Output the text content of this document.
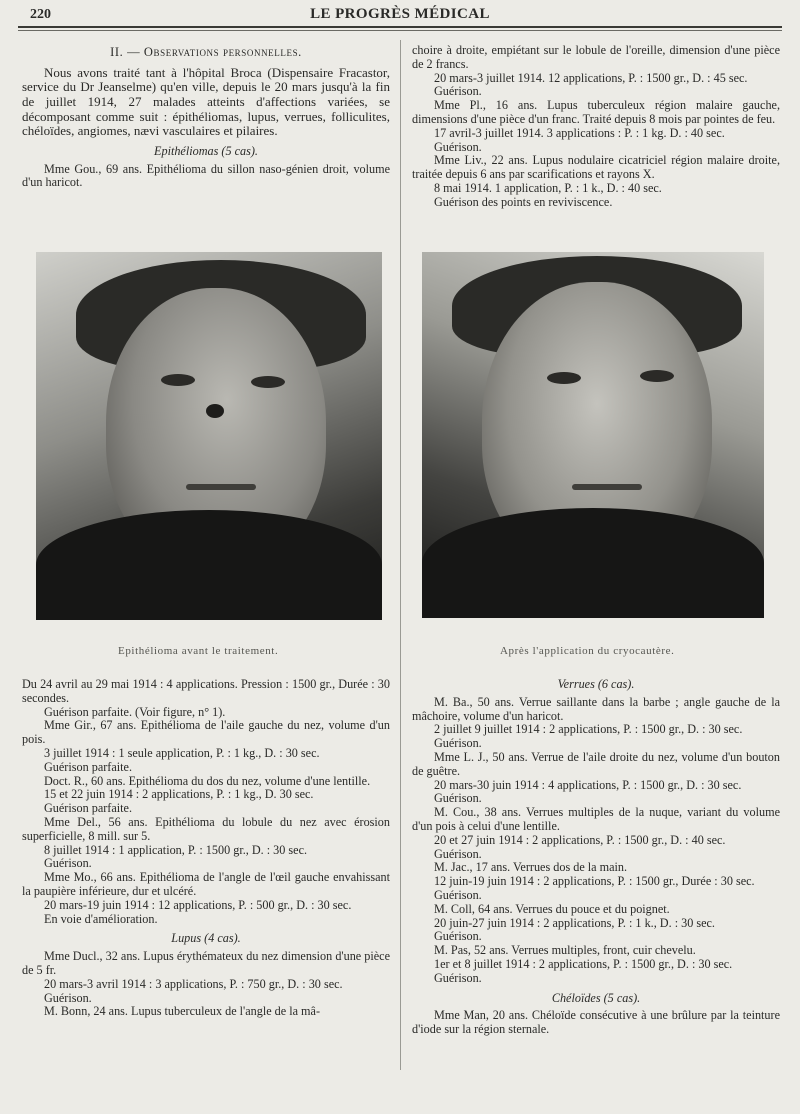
220	LE PROGRÈS MÉDICAL

II. — Observations personnelles.

Nous avons traité tant à l'hôpital Broca (Dispensaire Fracastor, service du Dr Jeanselme) qu'en ville, depuis le 20 mars jusqu'à la fin de juillet 1914, 27 malades atteints d'affections variées, se décomposant comme suit : épithéliomas, lupus, verrues, folliculites, chéloïdes, angiomes, nævi vasculaires et pilaires.

Epithéliomas (5 cas).

Mme Gou., 69 ans. Epithélioma du sillon naso-génien droit, volume d'un haricot.

choire à droite, empiétant sur le lobule de l'oreille, dimension d'une pièce de 2 francs.

20 mars-3 juillet 1914. 12 applications, P. : 1500 gr., D. : 45 sec.

Guérison.

Mme Pl., 16 ans. Lupus tuberculeux région malaire gauche, dimensions d'une pièce d'un franc. Traité depuis 8 mois par pointes de feu.

17 avril-3 juillet 1914. 3 applications : P. : 1 kg. D. : 40 sec.

Guérison.

Mme Liv., 22 ans. Lupus nodulaire cicatriciel région malaire droite, traitée depuis 6 ans par scarifications et rayons X.

8 mai 1914. 1 application, P. : 1 k., D. : 40 sec.

Guérison des points en reviviscence.

Epithélioma avant le traitement.	Après l'application du cryocautère.

Du 24 avril au 29 mai 1914 : 4 applications. Pression : 1500 gr., Durée : 30 secondes.

Guérison parfaite. (Voir figure, n° 1).

Mme Gir., 67 ans. Epithélioma de l'aile gauche du nez, volume d'un pois.

3 juillet 1914 : 1 seule application, P. : 1 kg., D. : 30 sec.

Guérison parfaite.

Doct. R., 60 ans. Epithélioma du dos du nez, volume d'une lentille.

15 et 22 juin 1914 : 2 applications, P. : 1 kg., D. 30 sec.

Guérison parfaite.

Mme Del., 56 ans. Epithélioma du lobule du nez avec érosion superficielle, 8 mill. sur 5.

8 juillet 1914 : 1 application, P. : 1500 gr., D. : 30 sec.

Guérison.

Mme Mo., 66 ans. Epithélioma de l'angle de l'œil gauche envahissant la paupière inférieure, dur et ulcéré.

20 mars-19 juin 1914 : 12 applications, P. : 500 gr., D. : 30 sec.

En voie d'amélioration.

Lupus (4 cas).

Mme Ducl., 32 ans. Lupus érythémateux du nez dimension d'une pièce de 5 fr.

20 mars-3 avril 1914 : 3 applications, P. : 750 gr., D. : 30 sec.

Guérison.

M. Bonn, 24 ans. Lupus tuberculeux de l'angle de la mâ-

Verrues (6 cas).

M. Ba., 50 ans. Verrue saillante dans la barbe ; angle gauche de la mâchoire, volume d'un haricot.

2 juillet 9 juillet 1914 : 2 applications, P. : 1500 gr., D. : 30 sec.

Guérison.

Mme L. J., 50 ans. Verrue de l'aile droite du nez, volume d'un bouton de guêtre.

20 mars-30 juin 1914 : 4 applications, P. : 1500 gr., D. : 30 sec.

Guérison.

M. Cou., 38 ans. Verrues multiples de la nuque, variant du volume d'un pois à celui d'une lentille.

20 et 27 juin 1914 : 2 applications, P. : 1500 gr., D. : 40 sec.

Guérison.

M. Jac., 17 ans. Verrues dos de la main.

12 juin-19 juin 1914 : 2 applications, P. : 1500 gr., Durée : 30 sec.

Guérison.

M. Coll, 64 ans. Verrues du pouce et du poignet.

20 juin-27 juin 1914 : 2 applications, P. : 1 k., D. : 30 sec.

Guérison.

M. Pas, 52 ans. Verrues multiples, front, cuir chevelu.

1er et 8 juillet 1914 : 2 applications, P. : 1500 gr., D. : 30 sec.

Guérison.

Chéloïdes (5 cas).

Mme Man, 20 ans. Chéloïde consécutive à une brûlure par la teinture d'iode sur la région sternale.
